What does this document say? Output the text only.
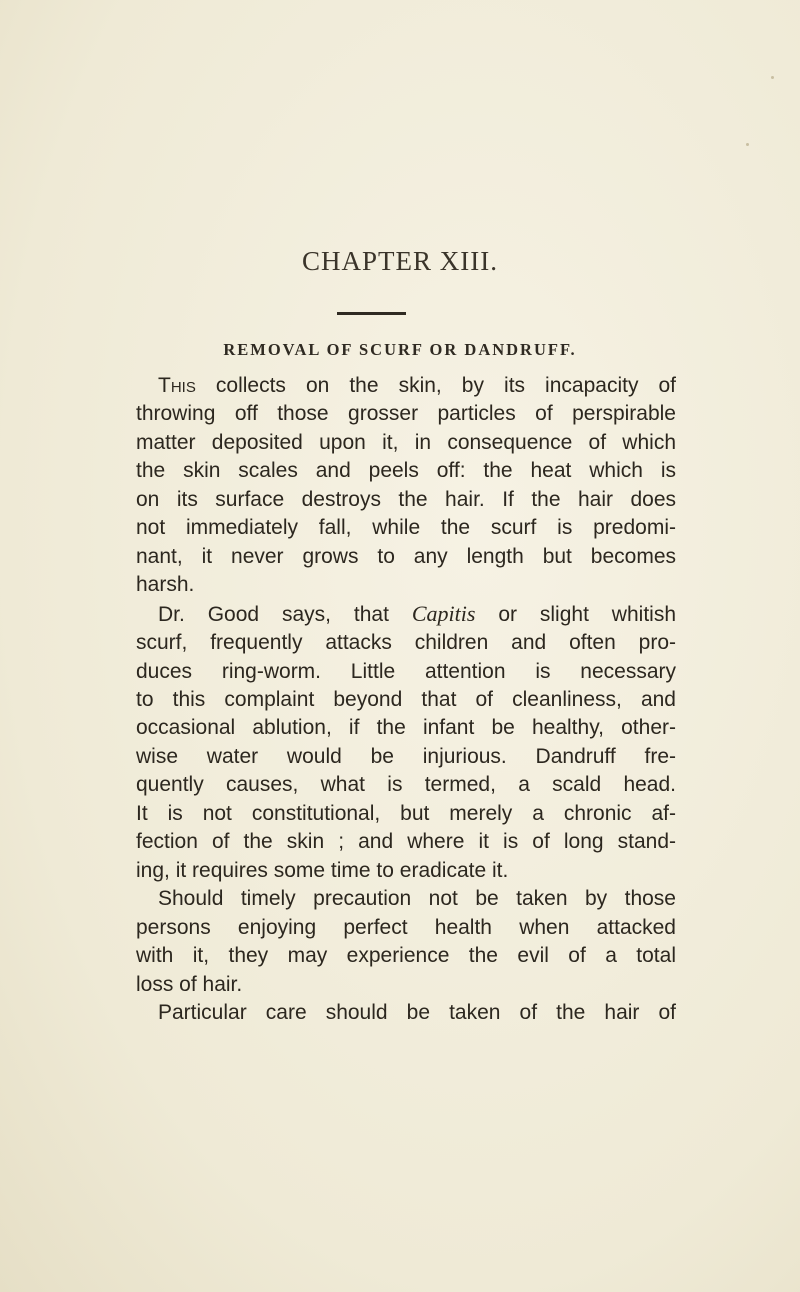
CHAPTER XIII.
REMOVAL OF SCURF OR DANDRUFF.
This collects on the skin, by its incapacity of
throwing off those grosser particles of perspirable
matter deposited upon it, in consequence of which
the skin scales and peels off: the heat which is
on its surface destroys the hair. If the hair does
not immediately fall, while the scurf is predomi-
nant, it never grows to any length but becomes
harsh.
Dr. Good says, that Capitis or slight whitish
scurf, frequently attacks children and often pro-
duces ring-worm. Little attention is necessary
to this complaint beyond that of cleanliness, and
occasional ablution, if the infant be healthy, other-
wise water would be injurious. Dandruff fre-
quently causes, what is termed, a scald head.
It is not constitutional, but merely a chronic af-
fection of the skin ; and where it is of long stand-
ing, it requires some time to eradicate it.
Should timely precaution not be taken by those
persons enjoying perfect health when attacked
with it, they may experience the evil of a total
loss of hair.
Particular care should be taken of the hair of
